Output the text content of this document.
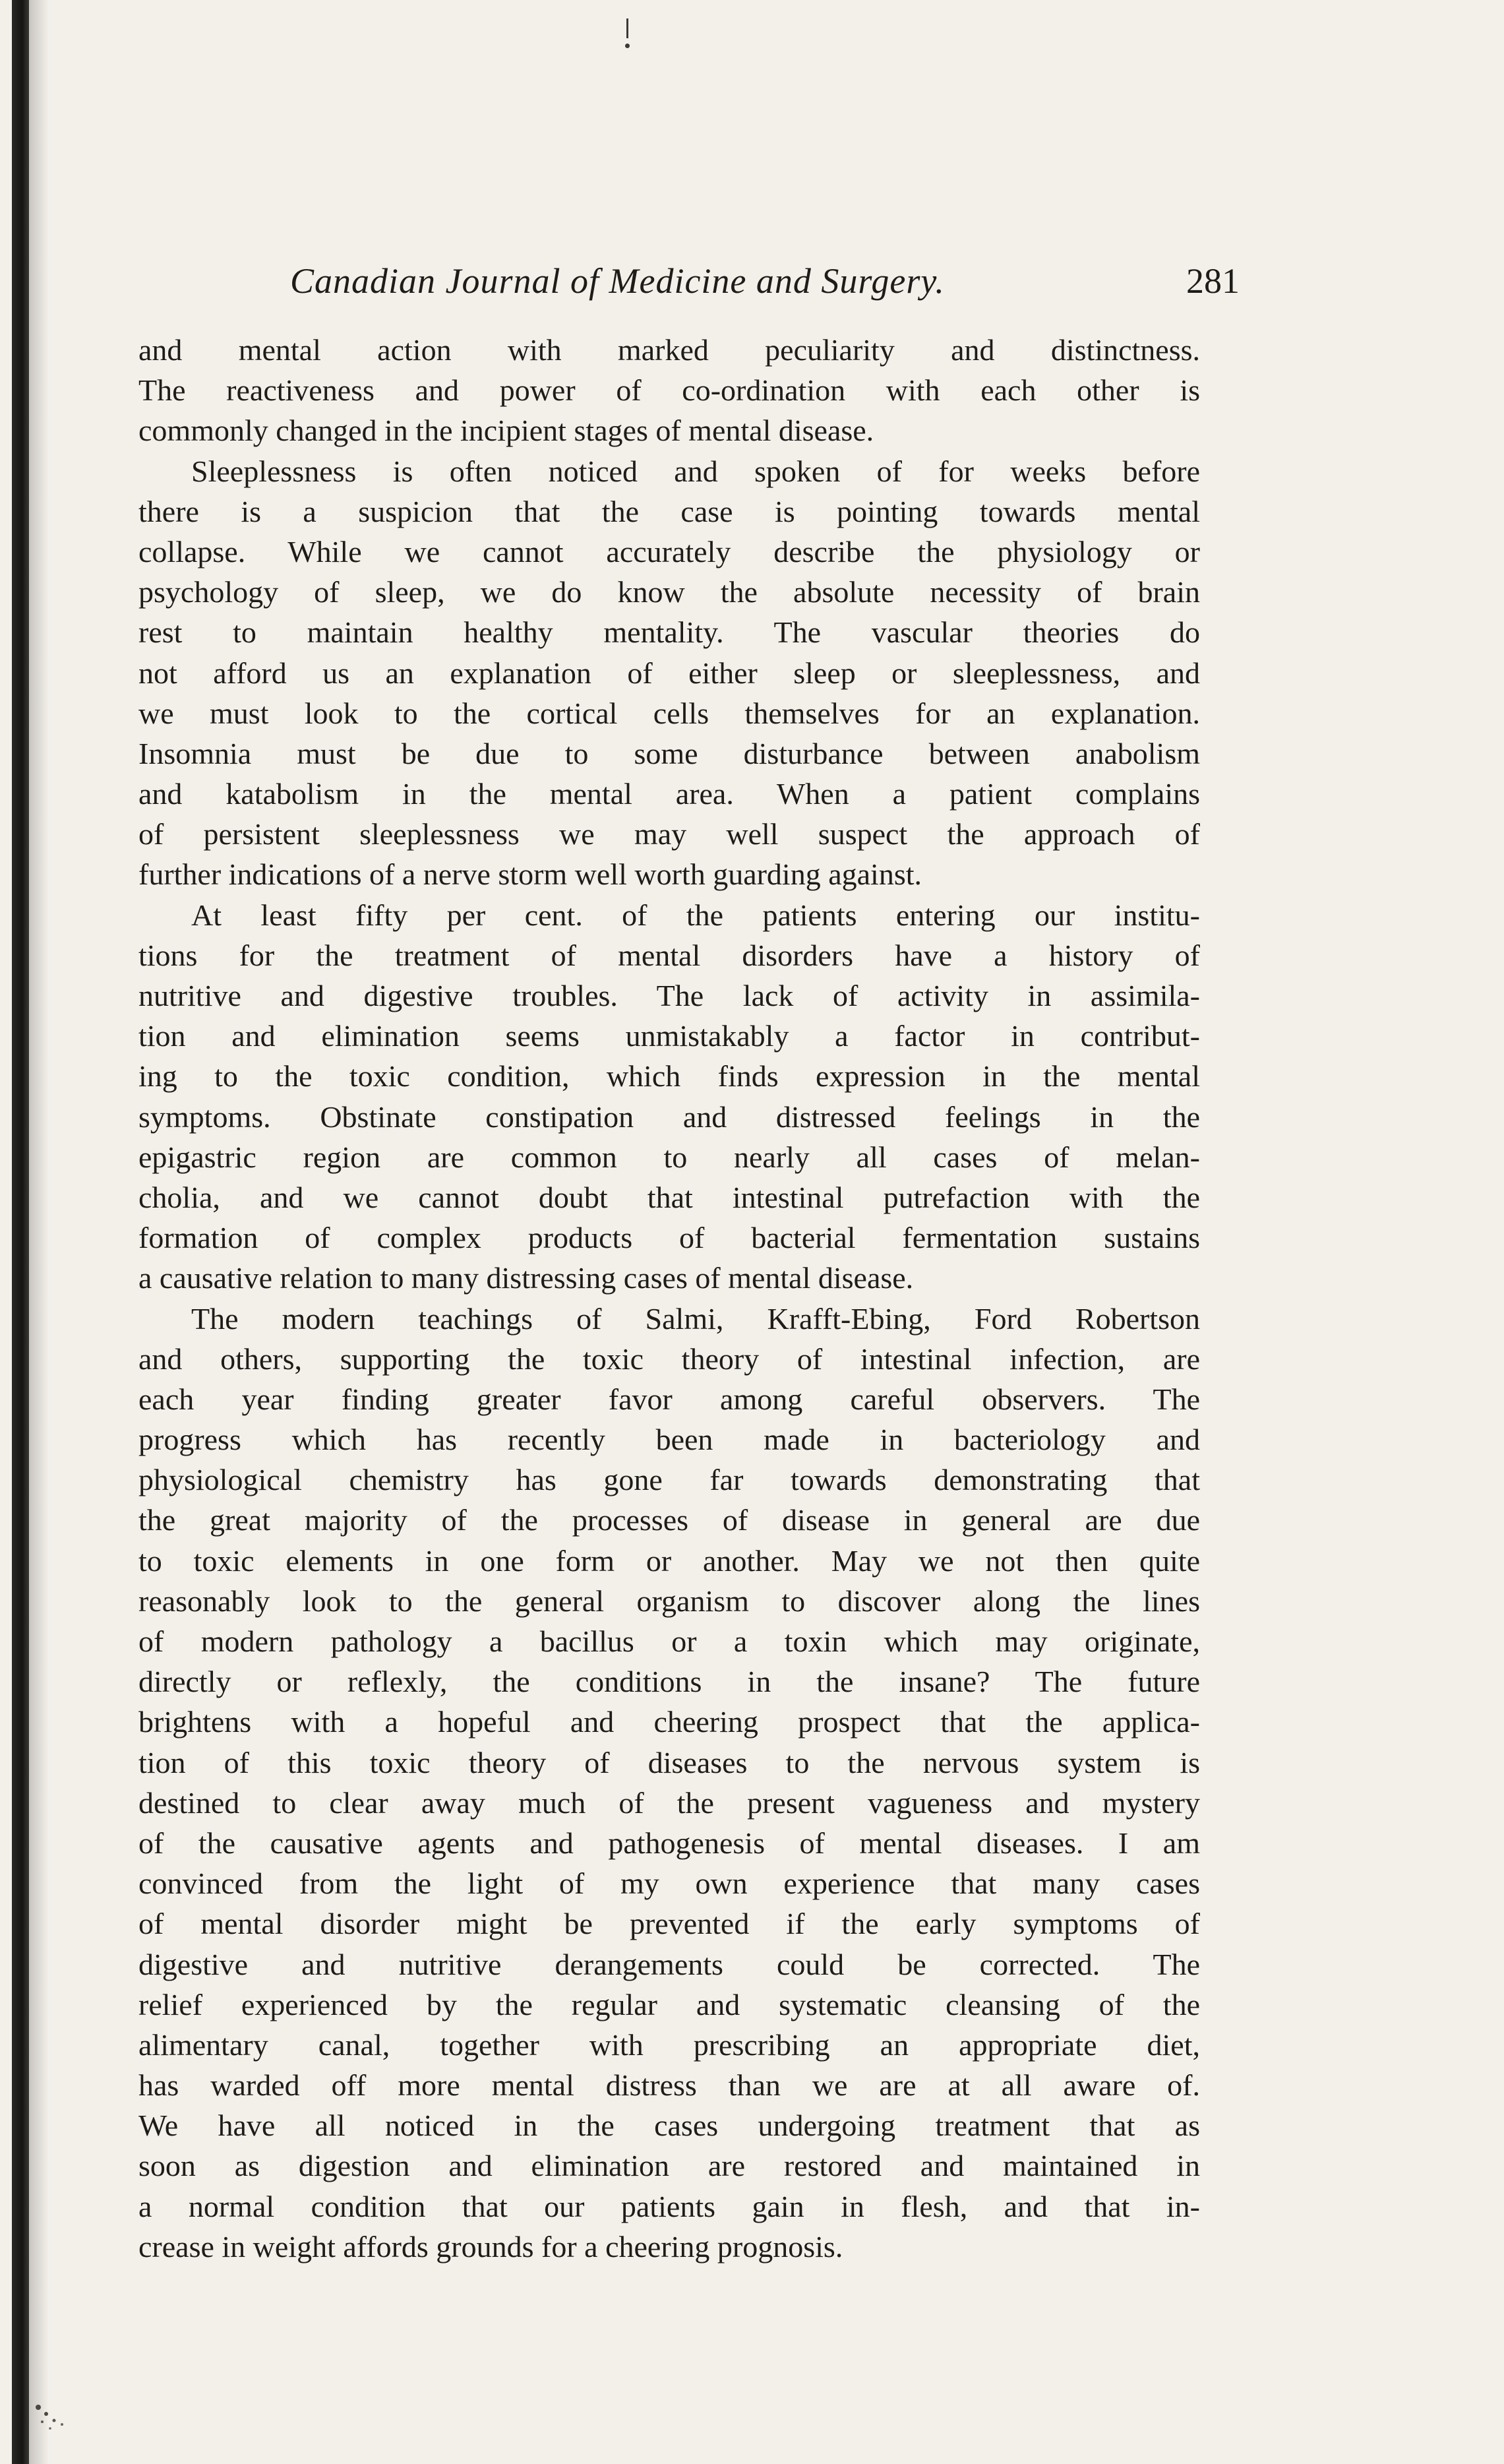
Canadian Journal of Medicine and Surgery.	281
and mental action with marked peculiarity and distinctness.
The reactiveness and power of co-ordination with each other is
commonly changed in the incipient stages of mental disease.
Sleeplessness is often noticed and spoken of for weeks before
there is a suspicion that the case is pointing towards mental
collapse. While we cannot accurately describe the physiology or
psychology of sleep, we do know the absolute necessity of brain
rest to maintain healthy mentality. The vascular theories do
not afford us an explanation of either sleep or sleeplessness, and
we must look to the cortical cells themselves for an explanation.
Insomnia must be due to some disturbance between anabolism
and katabolism in the mental area. When a patient complains
of persistent sleeplessness we may well suspect the approach of
further indications of a nerve storm well worth guarding against.
At least fifty per cent. of the patients entering our institu-
tions for the treatment of mental disorders have a history of
nutritive and digestive troubles. The lack of activity in assimila-
tion and elimination seems unmistakably a factor in contribut-
ing to the toxic condition, which finds expression in the mental
symptoms. Obstinate constipation and distressed feelings in the
epigastric region are common to nearly all cases of melan-
cholia, and we cannot doubt that intestinal putrefaction with the
formation of complex products of bacterial fermentation sustains
a causative relation to many distressing cases of mental disease.
The modern teachings of Salmi, Krafft-Ebing, Ford Robertson
and others, supporting the toxic theory of intestinal infection, are
each year finding greater favor among careful observers. The
progress which has recently been made in bacteriology and
physiological chemistry has gone far towards demonstrating that
the great majority of the processes of disease in general are due
to toxic elements in one form or another. May we not then quite
reasonably look to the general organism to discover along the lines
of modern pathology a bacillus or a toxin which may originate,
directly or reflexly, the conditions in the insane? The future
brightens with a hopeful and cheering prospect that the applica-
tion of this toxic theory of diseases to the nervous system is
destined to clear away much of the present vagueness and mystery
of the causative agents and pathogenesis of mental diseases. I am
convinced from the light of my own experience that many cases
of mental disorder might be prevented if the early symptoms of
digestive and nutritive derangements could be corrected. The
relief experienced by the regular and systematic cleansing of the
alimentary canal, together with prescribing an appropriate diet,
has warded off more mental distress than we are at all aware of.
We have all noticed in the cases undergoing treatment that as
soon as digestion and elimination are restored and maintained in
a normal condition that our patients gain in flesh, and that in-
crease in weight affords grounds for a cheering prognosis.
